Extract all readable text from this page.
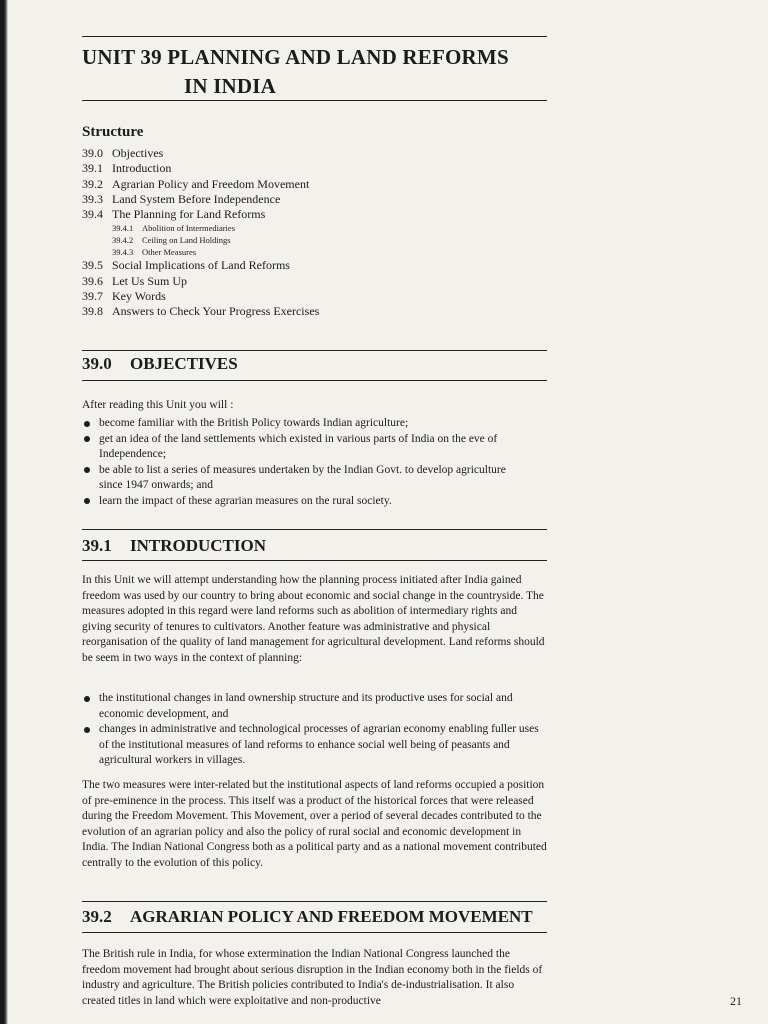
UNIT 39 PLANNING AND LAND REFORMS
IN INDIA
Structure
39.0 Objectives
39.1 Introduction
39.2 Agrarian Policy and Freedom Movement
39.3 Land System Before Independence
39.4 The Planning for Land Reforms
39.4.1 Abolition of Intermediaries
39.4.2 Ceiling on Land Holdings
39.4.3 Other Measures
39.5 Social Implications of Land Reforms
39.6 Let Us Sum Up
39.7 Key Words
39.8 Answers to Check Your Progress Exercises
39.0 OBJECTIVES
After reading this Unit you will :
become familiar with the British Policy towards Indian agriculture;
get an idea of the land settlements which existed in various parts of India on the eve of Independence;
be able to list a series of measures undertaken by the Indian Govt. to develop agriculture since 1947 onwards; and
learn the impact of these agrarian measures on the rural society.
39.1 INTRODUCTION
In this Unit we will attempt understanding how the planning process initiated after India gained freedom was used by our country to bring about economic and social change in the countryside. The measures adopted in this regard were land reforms such as abolition of intermediary rights and giving security of tenures to cultivators. Another feature was administrative and physical reorganisation of the quality of land management for agricultural development. Land reforms should be seem in two ways in the context of planning:
the institutional changes in land ownership structure and its productive uses for social and economic development, and
changes in administrative and technological processes of agrarian economy enabling fuller uses of the institutional measures of land reforms to enhance social well being of peasants and agricultural workers in villages.
The two measures were inter-related but the institutional aspects of land reforms occupied a position of pre-eminence in the process. This itself was a product of the historical forces that were released during the Freedom Movement. This Movement, over a period of several decades contributed to the evolution of an agrarian policy and also the policy of rural social and economic development in India. The Indian National Congress both as a political party and as a national movement contributed centrally to the evolution of this policy.
39.2 AGRARIAN POLICY AND FREEDOM MOVEMENT
The British rule in India, for whose extermination the Indian National Congress launched the freedom movement had brought about serious disruption in the Indian economy both in the fields of industry and agriculture. The British policies contributed to India's de-industrialisation. It also created titles in land which were exploitative and non-productive	21
